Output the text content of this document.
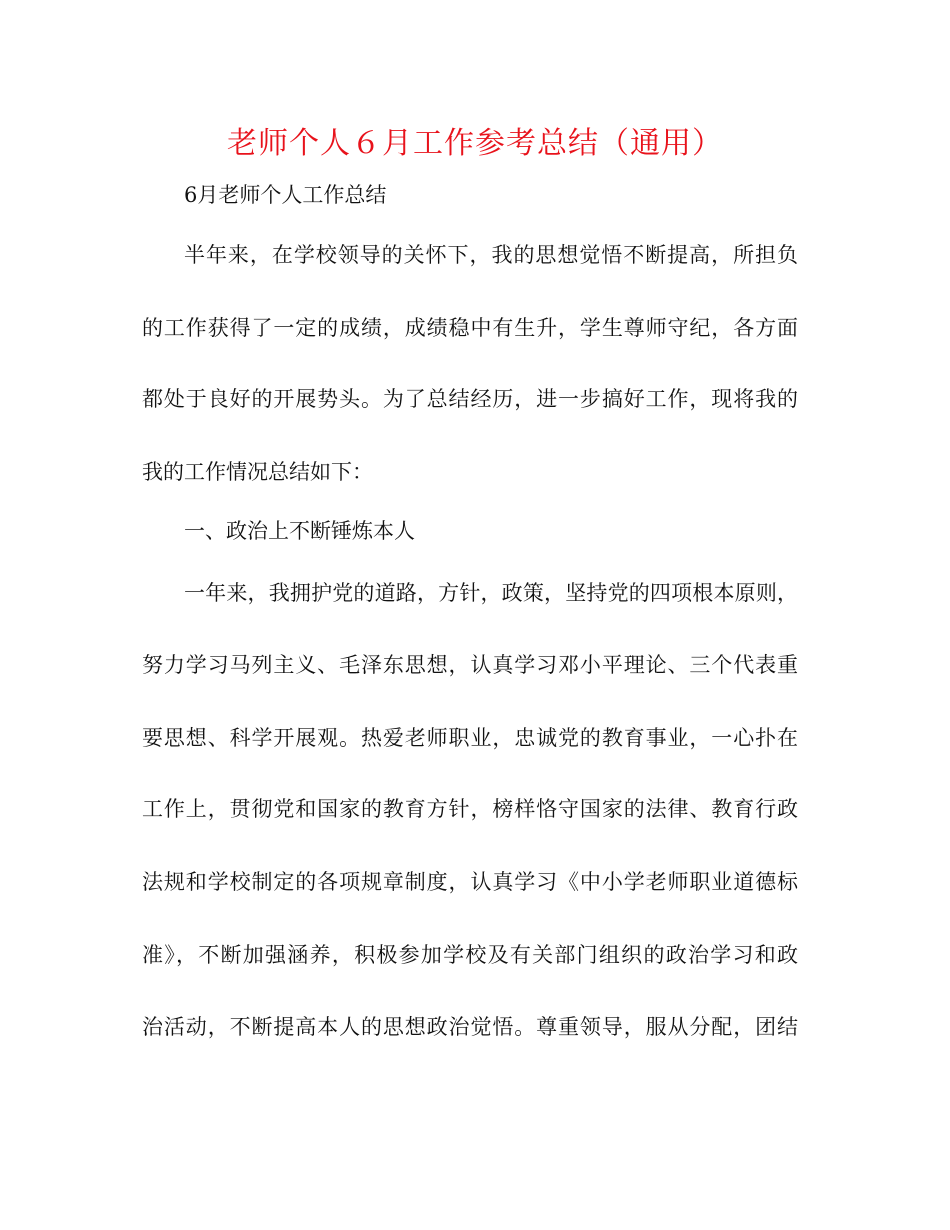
老师个人６月工作参考总结（通用）
6月老师个人工作总结
半年来，在学校领导的关怀下，我的思想觉悟不断提高，所担负
的工作获得了一定的成绩，成绩稳中有生升，学生尊师守纪，各方面
都处于良好的开展势头。为了总结经历，进一步搞好工作，现将我的
我的工作情况总结如下：
一、政治上不断锤炼本人
一年来，我拥护党的道路，方针，政策，坚持党的四项根本原则，
努力学习马列主义、毛泽东思想，认真学习邓小平理论、三个代表重
要思想、科学开展观。热爱老师职业，忠诚党的教育事业，一心扑在
工作上，贯彻党和国家的教育方针，榜样恪守国家的法律、教育行政
法规和学校制定的各项规章制度，认真学习《中小学老师职业道德标
准》，不断加强涵养，积极参加学校及有关部门组织的政治学习和政
治活动，不断提高本人的思想政治觉悟。尊重领导，服从分配，团结
